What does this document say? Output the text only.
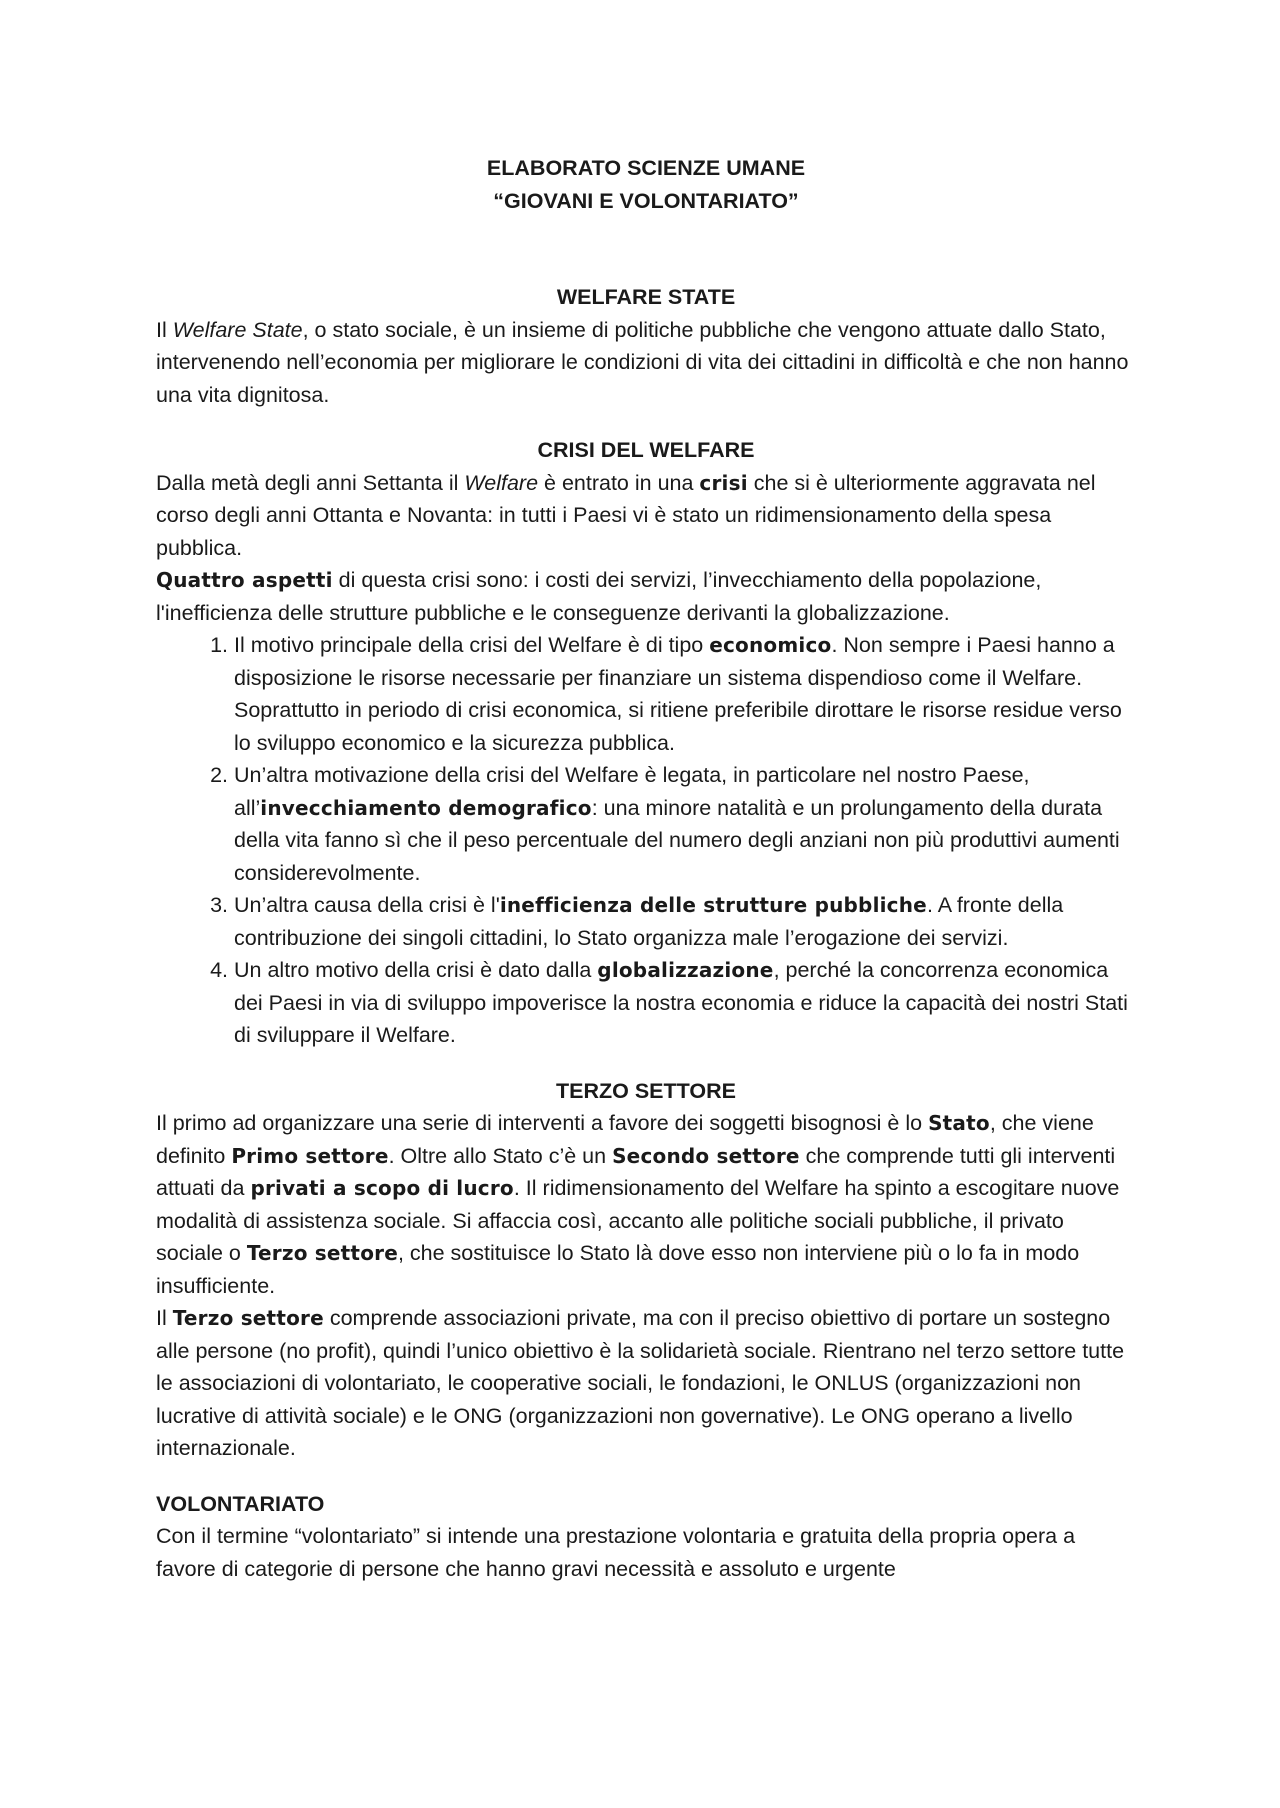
ELABORATO SCIENZE UMANE

“GIOVANI E VOLONTARIATO”

WELFARE STATE

Il Welfare State, o stato sociale, è un insieme di politiche pubbliche che vengono attuate dallo Stato, intervenendo nell’economia per migliorare le condizioni di vita dei cittadini in difficoltà e che non hanno una vita dignitosa.

CRISI DEL WELFARE

Dalla metà degli anni Settanta il Welfare è entrato in una crisi che si è ulteriormente aggravata nel corso degli anni Ottanta e Novanta: in tutti i Paesi vi è stato un ridimensionamento della spesa pubblica.

Quattro aspetti di questa crisi sono: i costi dei servizi, l’invecchiamento della popolazione, l'inefficienza delle strutture pubbliche e le conseguenze derivanti la globalizzazione.

1. Il motivo principale della crisi del Welfare è di tipo economico. Non sempre i Paesi hanno a disposizione le risorse necessarie per finanziare un sistema dispendioso come il Welfare. Soprattutto in periodo di crisi economica, si ritiene preferibile dirottare le risorse residue verso lo sviluppo economico e la sicurezza pubblica.
2. Un’altra motivazione della crisi del Welfare è legata, in particolare nel nostro Paese, all’invecchiamento demografico: una minore natalità e un prolungamento della durata della vita fanno sì che il peso percentuale del numero degli anziani non più produttivi aumenti considerevolmente.
3. Un’altra causa della crisi è l'inefficienza delle strutture pubbliche. A fronte della contribuzione dei singoli cittadini, lo Stato organizza male l’erogazione dei servizi.
4. Un altro motivo della crisi è dato dalla globalizzazione, perché la concorrenza economica dei Paesi in via di sviluppo impoverisce la nostra economia e riduce la capacità dei nostri Stati di sviluppare il Welfare.
TERZO SETTORE

Il primo ad organizzare una serie di interventi a favore dei soggetti bisognosi è lo Stato, che viene definito Primo settore. Oltre allo Stato c’è un Secondo settore che comprende tutti gli interventi attuati da privati a scopo di lucro. Il ridimensionamento del Welfare ha spinto a escogitare nuove modalità di assistenza sociale. Si affaccia così, accanto alle politiche sociali pubbliche, il privato sociale o Terzo settore, che sostituisce lo Stato là dove esso non interviene più o lo fa in modo insufficiente.

Il Terzo settore comprende associazioni private, ma con il preciso obiettivo di portare un sostegno alle persone (no profit), quindi l’unico obiettivo è la solidarietà sociale. Rientrano nel terzo settore tutte le associazioni di volontariato, le cooperative sociali, le fondazioni, le ONLUS (organizzazioni non lucrative di attività sociale) e le ONG (organizzazioni non governative). Le ONG operano a livello internazionale.

VOLONTARIATO

Con il termine “volontariato” si intende una prestazione volontaria e gratuita della propria opera a favore di categorie di persone che hanno gravi necessità e assoluto e urgente
